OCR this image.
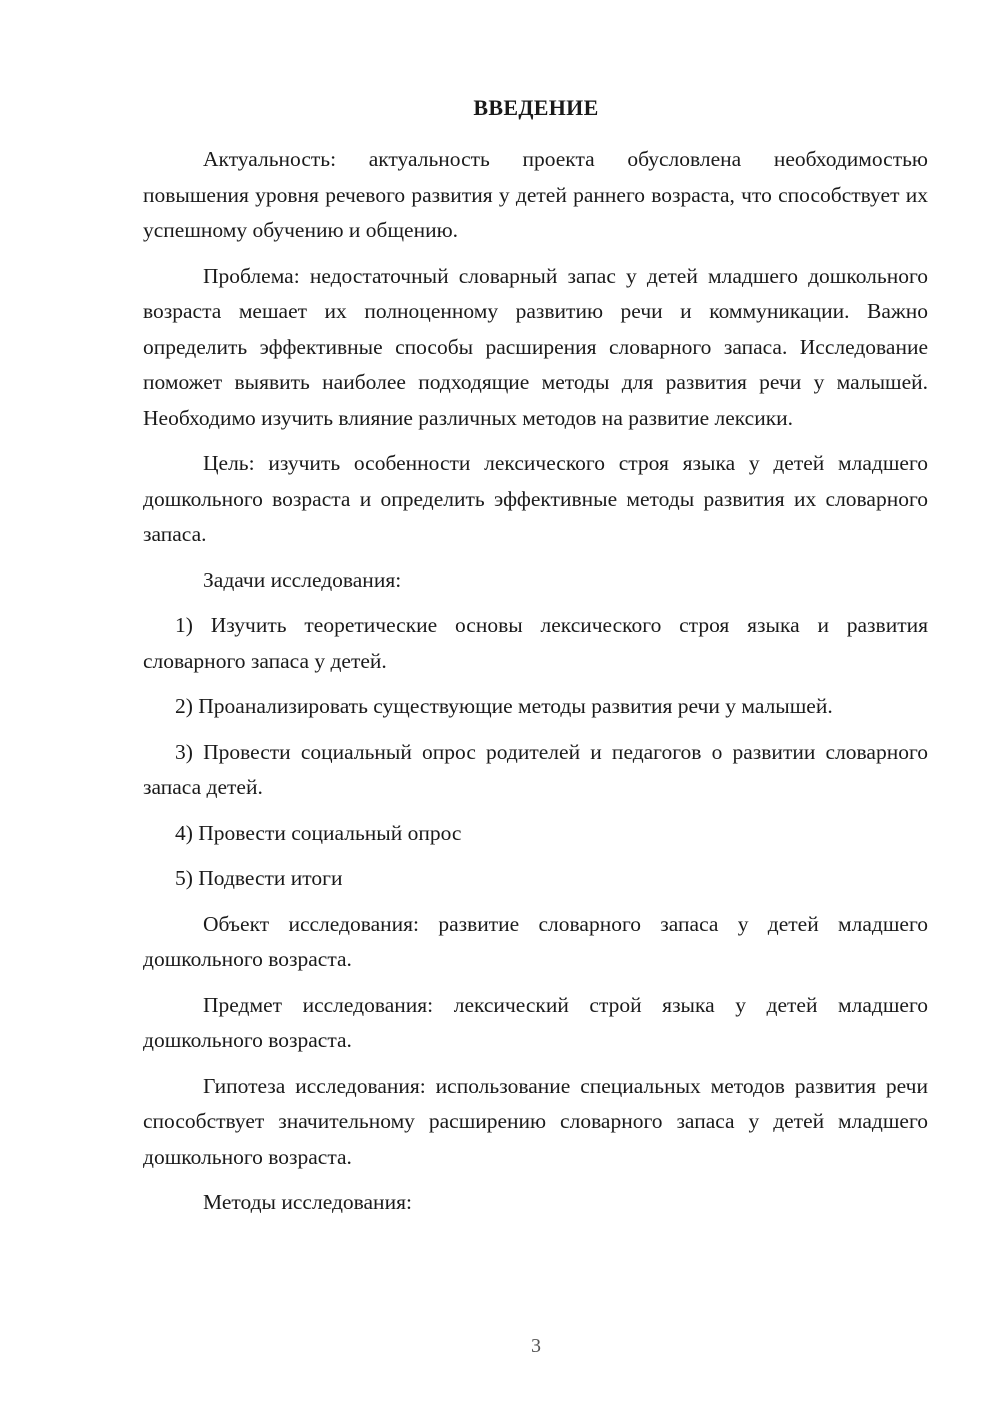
ВВЕДЕНИЕ

Актуальность: актуальность проекта обусловлена необходимостью повышения уровня речевого развития у детей раннего возраста, что способствует их успешному обучению и общению.

Проблема: недостаточный словарный запас у детей младшего дошкольного возраста мешает их полноценному развитию речи и коммуникации. Важно определить эффективные способы расширения словарного запаса. Исследование поможет выявить наиболее подходящие методы для развития речи у малышей. Необходимо изучить влияние различных методов на развитие лексики.

Цель: изучить особенности лексического строя языка у детей младшего дошкольного возраста и определить эффективные методы развития их словарного запаса.

Задачи исследования:

1) Изучить теоретические основы лексического строя языка и развития словарного запаса у детей.

2) Проанализировать существующие методы развития речи у малышей.

3) Провести социальный опрос родителей и педагогов о развитии словарного запаса детей.

4) Провести социальный опрос

5) Подвести итоги

Объект исследования: развитие словарного запаса у детей младшего дошкольного возраста.

Предмет исследования: лексический строй языка у детей младшего дошкольного возраста.

Гипотеза исследования: использование специальных методов развития речи способствует значительному расширению словарного запаса у детей младшего дошкольного возраста.

Методы исследования:

3
